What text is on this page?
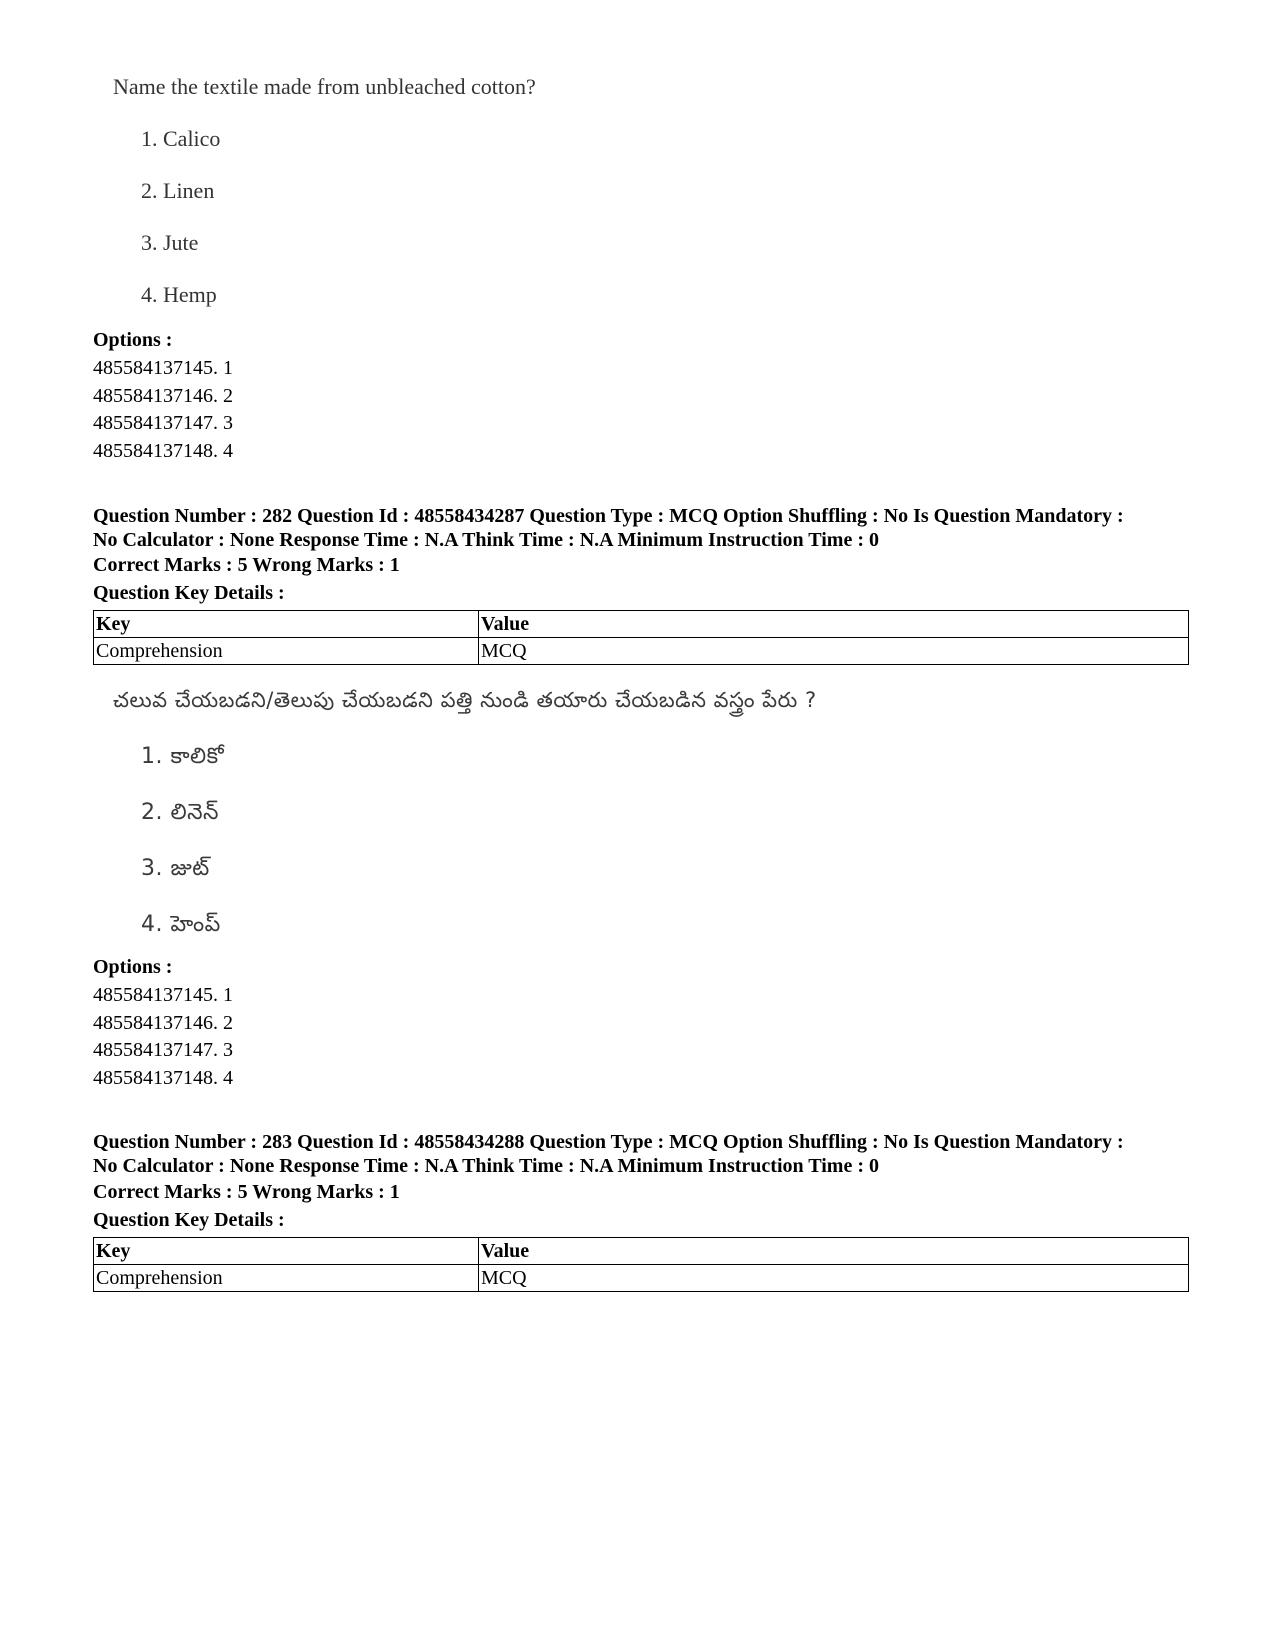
Name the textile made from unbleached cotton?
1. Calico
2. Linen
3. Jute
4. Hemp
Options :
485584137145. 1
485584137146. 2
485584137147. 3
485584137148. 4
Question Number : 282 Question Id : 48558434287 Question Type : MCQ Option Shuffling : No Is Question Mandatory :
No Calculator : None Response Time : N.A Think Time : N.A Minimum Instruction Time : 0
Correct Marks : 5 Wrong Marks : 1
Question Key Details :
Key	Value
Comprehension	MCQ
చలువ చేయబడని/తెలుపు చేయబడని పత్తి నుండి తయారు చేయబడిన వస్త్రం పేరు ?
1. కాలికో
2. లినెన్
3. జుట్
4. హెంప్
Options :
485584137145. 1
485584137146. 2
485584137147. 3
485584137148. 4
Question Number : 283 Question Id : 48558434288 Question Type : MCQ Option Shuffling : No Is Question Mandatory :
No Calculator : None Response Time : N.A Think Time : N.A Minimum Instruction Time : 0
Correct Marks : 5 Wrong Marks : 1
Question Key Details :
Key	Value
Comprehension	MCQ
